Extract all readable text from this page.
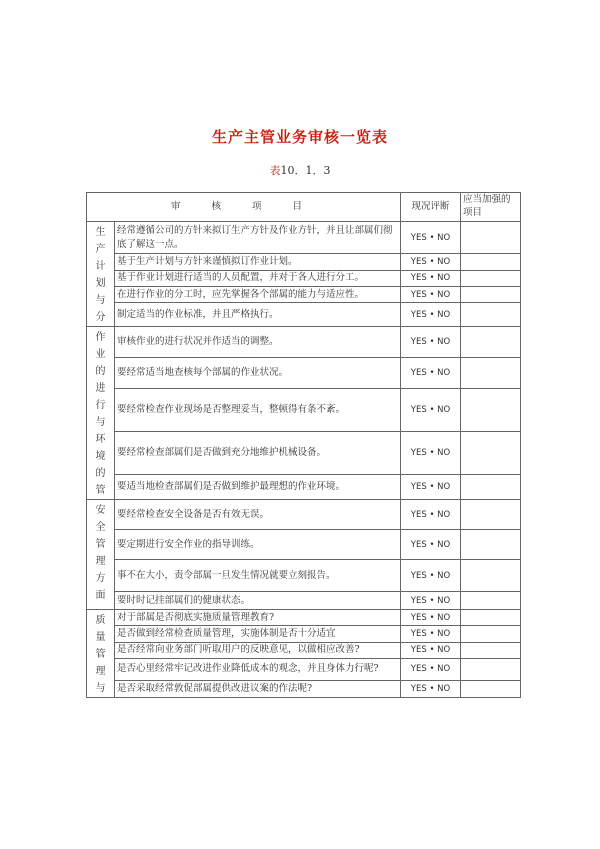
生产主管业务审核一览表
表10．1．3
审 核 项 目		现况评断	应当加强的项目

生产计划与分	经常遵循公司的方针来拟订生产方针及作业方针，并且让部属们彻底了解这一点。	YES • NO	
	基于生产计划与方针来谨慎拟订作业计划。	YES • NO	
	基于作业计划进行适当的人员配置，并对于各人进行分工。	YES • NO	
	在进行作业的分工时，应先掌握各个部属的能力与适应性。	YES • NO	
	制定适当的作业标准，并且严格执行。	YES • NO	

作业的进行与环境的管	审核作业的进行状况并作适当的调整。	YES • NO	
	要经常适当地查核每个部属的作业状况。	YES • NO	
	要经常检查作业现场是否整理妥当，整顿得有条不紊。	YES • NO	
	要经常检查部属们是否做到充分地维护机械设备。	YES • NO	
	要适当地检查部属们是否做到维护最理想的作业环境。	YES • NO	

安全管理方面	要经常检查安全设备是否有效无误。	YES • NO	
	要定期进行安全作业的指导训练。	YES • NO	
	事不在大小，责令部属一旦发生情况就要立刻报告。	YES • NO	
	要时时记挂部属们的健康状态。	YES • NO	

质量管理与	对于部属是否彻底实施质量管理教育?	YES • NO	
	是否做到经常检查质量管理，实施体制是否十分适宜	YES • NO	
	是否经常向业务部门听取用户的反映意见，以做相应改善?	YES • NO	
	是否心里经常牢记改进作业降低成本的观念，并且身体力行呢?	YES • NO	
	是否采取经常敦促部属提供改进议案的作法呢?	YES • NO	
